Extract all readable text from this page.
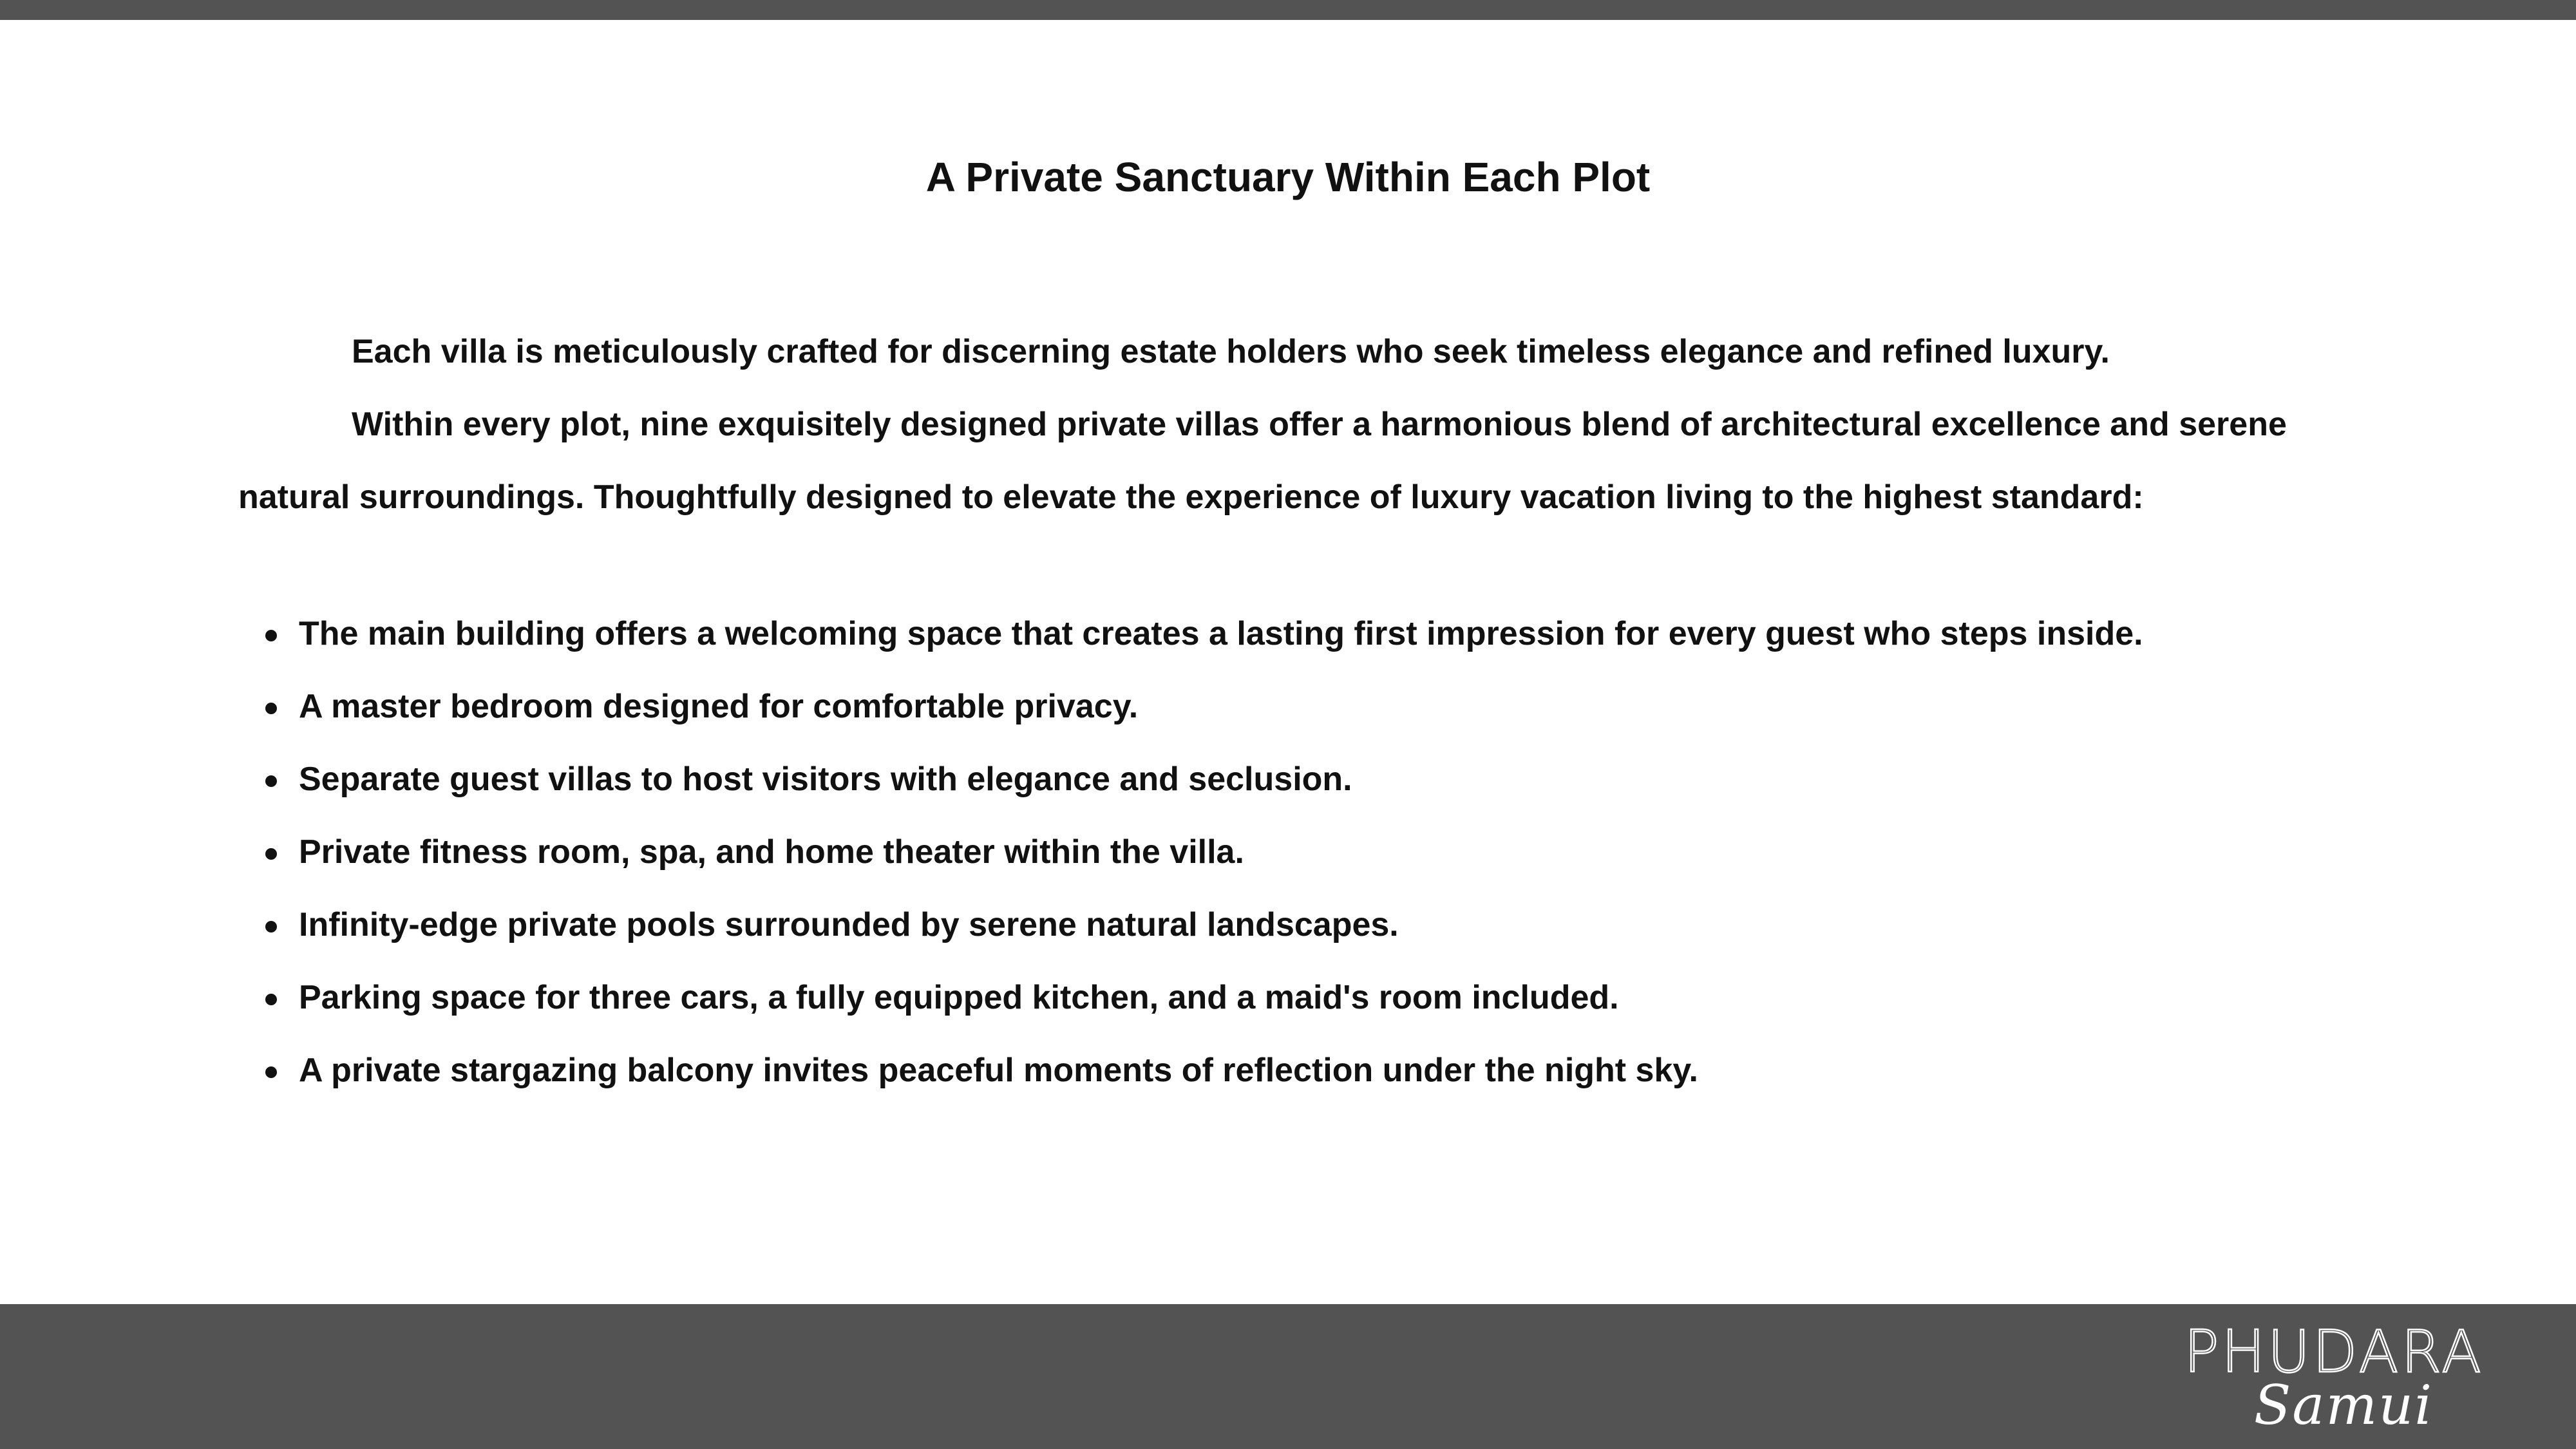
A Private Sanctuary Within Each Plot

Each villa is meticulously crafted for discerning estate holders who seek timeless elegance and refined luxury.

Within every plot, nine exquisitely designed private villas offer a harmonious blend of architectural excellence and serene natural surroundings. Thoughtfully designed to elevate the experience of luxury vacation living to the highest standard:

The main building offers a welcoming space that creates a lasting first impression for every guest who steps inside.
A master bedroom designed for comfortable privacy.
Separate guest villas to host visitors with elegance and seclusion.
Private fitness room, spa, and home theater within the villa.
Infinity-edge private pools surrounded by serene natural landscapes.
Parking space for three cars, a fully equipped kitchen, and a maid's room included.
A private stargazing balcony invites peaceful moments of reflection under the night sky.
PHUDARA
Samui
